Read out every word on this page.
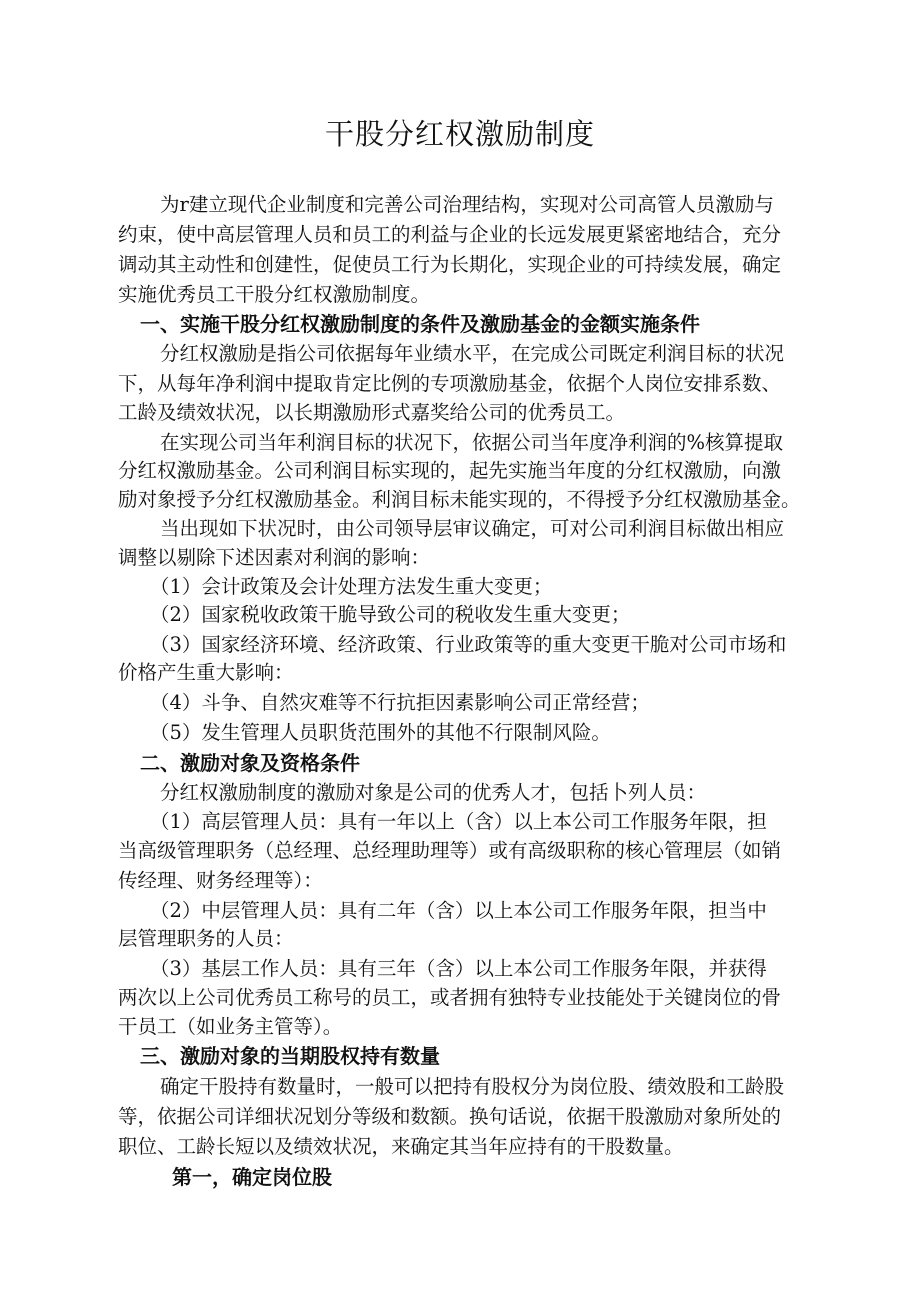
干股分红权激励制度

为r建立现代企业制度和完善公司治理结构，实现对公司高管人员激励与

约束，使中高层管理人员和员工的利益与企业的长远发展更紧密地结合，充分

调动其主动性和创建性，促使员工行为长期化，实现企业的可持续发展，确定

实施优秀员工干股分红权激励制度。

一、实施干股分红权激励制度的条件及激励基金的金额实施条件

分红权激励是指公司依据每年业绩水平，在完成公司既定利润目标的状况

下，从每年净利润中提取肯定比例的专项激励基金，依据个人岗位安排系数、

工龄及绩效状况，以长期激励形式嘉奖给公司的优秀员工。

在实现公司当年利润目标的状况下，依据公司当年度净利润的%核算提取

分红权激励基金。公司利润目标实现的，起先实施当年度的分红权激励，向激

励对象授予分红权激励基金。利润目标未能实现的，不得授予分红权激励基金。

当出现如下状况时，由公司领导层审议确定，可对公司利润目标做出相应

调整以剔除下述因素对利润的影响：

（1）会计政策及会计处理方法发生重大变更；

（2）国家税收政策干脆导致公司的税收发生重大变更；

（3）国家经济环境、经济政策、行业政策等的重大变更干脆对公司市场和

价格产生重大影响：

（4）斗争、自然灾难等不行抗拒因素影响公司正常经营；

（5）发生管理人员职货范围外的其他不行限制风险。

二、激励对象及资格条件

分红权激励制度的激励对象是公司的优秀人才，包括卜列人员：

（1）高层管理人员：具有一年以上（含）以上本公司工作服务年限，担

当高级管理职务（总经理、总经理助理等）或有高级职称的核心管理层（如销

传经理、财务经理等）：

（2）中层管理人员：具有二年（含）以上本公司工作服务年限，担当中

层管理职务的人员：

（3）基层工作人员：具有三年（含）以上本公司工作服务年限，并获得

两次以上公司优秀员工称号的员工，或者拥有独特专业技能处于关键岗位的骨

干员工（如业务主管等）。

三、激励对象的当期股权持有数量

确定干股持有数量时，一般可以把持有股权分为岗位股、绩效股和工龄股

等，依据公司详细状况划分等级和数额。换句话说，依据干股激励对象所处的

职位、工龄长短以及绩效状况，来确定其当年应持有的干股数量。

第一，确定岗位股
